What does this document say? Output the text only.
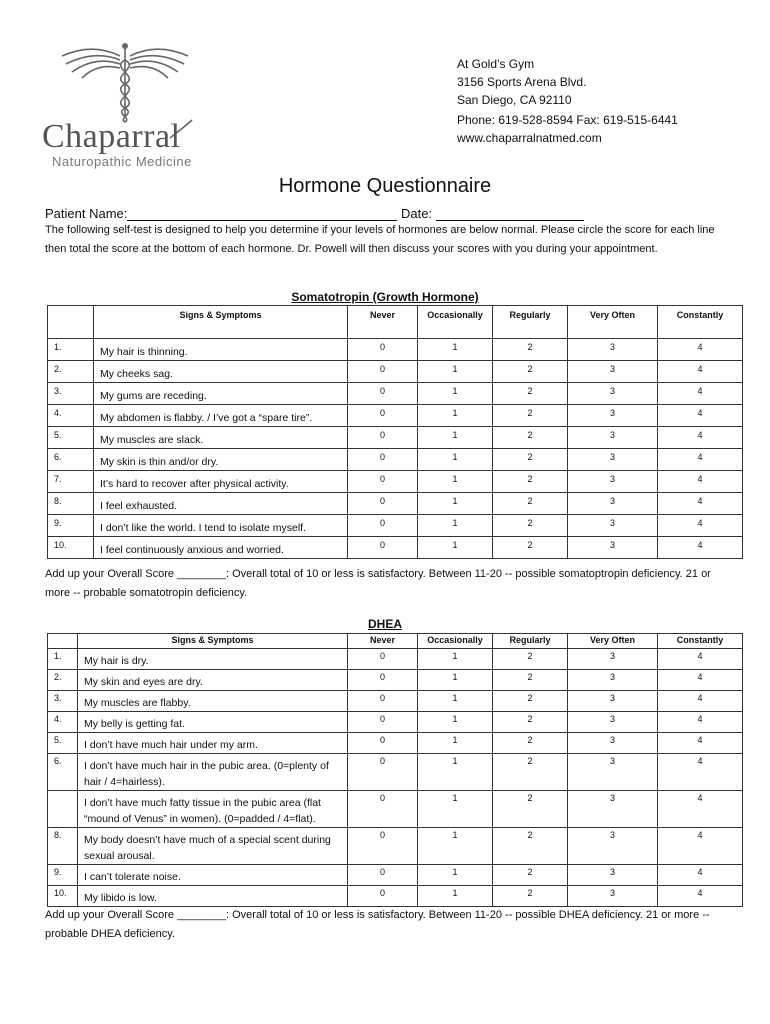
Chaparral
Naturopathic Medicine
At Gold’s Gym
3156 Sports Arena Blvd.
San Diego, CA 92110
Phone: 619-528-8594 Fax: 619-515-6441
www.chaparralnatmed.com
Hormone Questionnaire
Patient Name:	Date:
The following self-test is designed to help you determine if your levels of hormones are below normal. Please circle the score for each line then total the score at the bottom of each hormone. Dr. Powell will then discuss your scores with you during your appointment.
Somatotropin (Growth Hormone)
	Signs & Symptoms	Never	Occasionally	Regularly	Very Often	Constantly
1.	My hair is thinning.	0	1	2	3	4
2.	My cheeks sag.	0	1	2	3	4
3.	My gums are receding.	0	1	2	3	4
4.	My abdomen is flabby. / I’ve got a “spare tire”.	0	1	2	3	4
5.	My muscles are slack.	0	1	2	3	4
6.	My skin is thin and/or dry.	0	1	2	3	4
7.	It’s hard to recover after physical activity.	0	1	2	3	4
8.	I feel exhausted.	0	1	2	3	4
9.	I don’t like the world. I tend to isolate myself.	0	1	2	3	4
10.	I feel continuously anxious and worried.	0	1	2	3	4
Add up your Overall Score ________: Overall total of 10 or less is satisfactory. Between 11-20 -- possible somatoptropin deficiency. 21 or more -- probable somatotropin deficiency.
DHEA
	Signs & Symptoms	Never	Occasionally	Regularly	Very Often	Constantly
1.	My hair is dry.	0	1	2	3	4
2.	My skin and eyes are dry.	0	1	2	3	4
3.	My muscles are flabby.	0	1	2	3	4
4.	My belly is getting fat.	0	1	2	3	4
5.	I don’t have much hair under my arm.	0	1	2	3	4
6.	I don’t have much hair in the pubic area. (0=plenty of hair / 4=hairless).	0	1	2	3	4
	I don’t have much fatty tissue in the pubic area (flat “mound of Venus” in women). (0=padded / 4=flat).	0	1	2	3	4
8.	My body doesn’t have much of a special scent during sexual arousal.	0	1	2	3	4
9.	I can’t tolerate noise.	0	1	2	3	4
10.	My libido is low.	0	1	2	3	4
Add up your Overall Score ________: Overall total of 10 or less is satisfactory. Between 11-20 -- possible DHEA deficiency. 21 or more -- probable DHEA deficiency.
